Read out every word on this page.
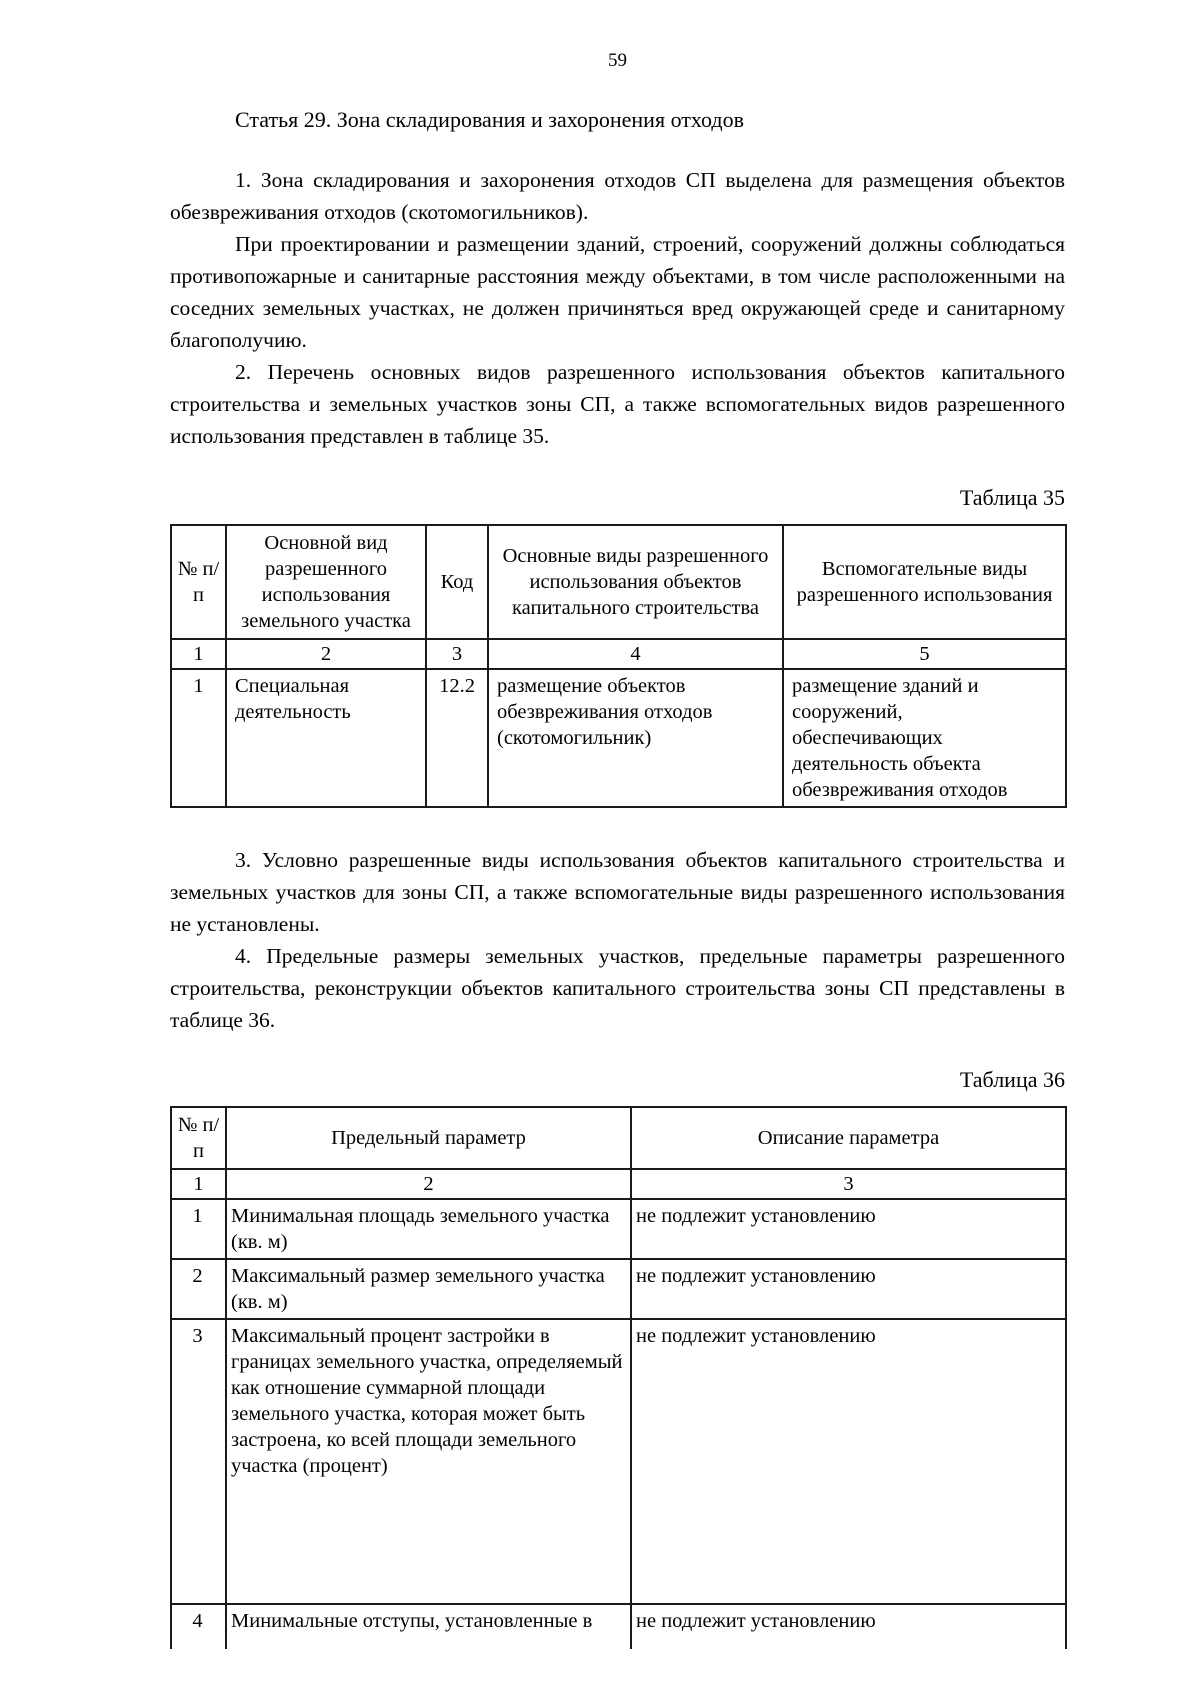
59
Статья 29. Зона складирования и захоронения отходов

1. Зона складирования и захоронения отходов СП выделена для размещения объектов обезвреживания отходов (скотомогильников).

При проектировании и размещении зданий, строений, сооружений должны соблюдаться противопожарные и санитарные расстояния между объектами, в том числе расположенными на соседних земельных участках, не должен причиняться вред окружающей среде и санитарному благополучию.

2. Перечень основных видов разрешенного использования объектов капитального строительства и земельных участков зоны СП, а также вспомогательных видов разрешенного использования представлен в таблице 35.

Таблица 35
№ п/п	Основной вид разрешенного использования земельного участка	Код	Основные виды разрешенного использования объектов капитального строительства	Вспомогательные виды разрешенного использования
1	2	3	4	5
1	Специальная деятельность	12.2	размещение объектов обезвреживания отходов (скотомогильник)	размещение зданий и сооружений, обеспечивающих деятельность объекта обезвреживания отходов

3. Условно разрешенные виды использования объектов капитального строительства и земельных участков для зоны СП, а также вспомогательные виды разрешенного использования не установлены.

4. Предельные размеры земельных участков, предельные параметры разрешенного строительства, реконструкции объектов капитального строительства зоны СП представлены в таблице 36.

Таблица 36
№ п/п	Предельный параметр	Описание параметра
1	2	3
1	Минимальная площадь земельного участка (кв. м)	не подлежит установлению
2	Максимальный размер земельного участка (кв. м)	не подлежит установлению
3	Максимальный процент застройки в границах земельного участка, определяемый как отношение суммарной площади земельного участка, которая может быть застроена, ко всей площади земельного участка (процент)	не подлежит установлению
4	Минимальные отступы, установленные в	не подлежит установлению
